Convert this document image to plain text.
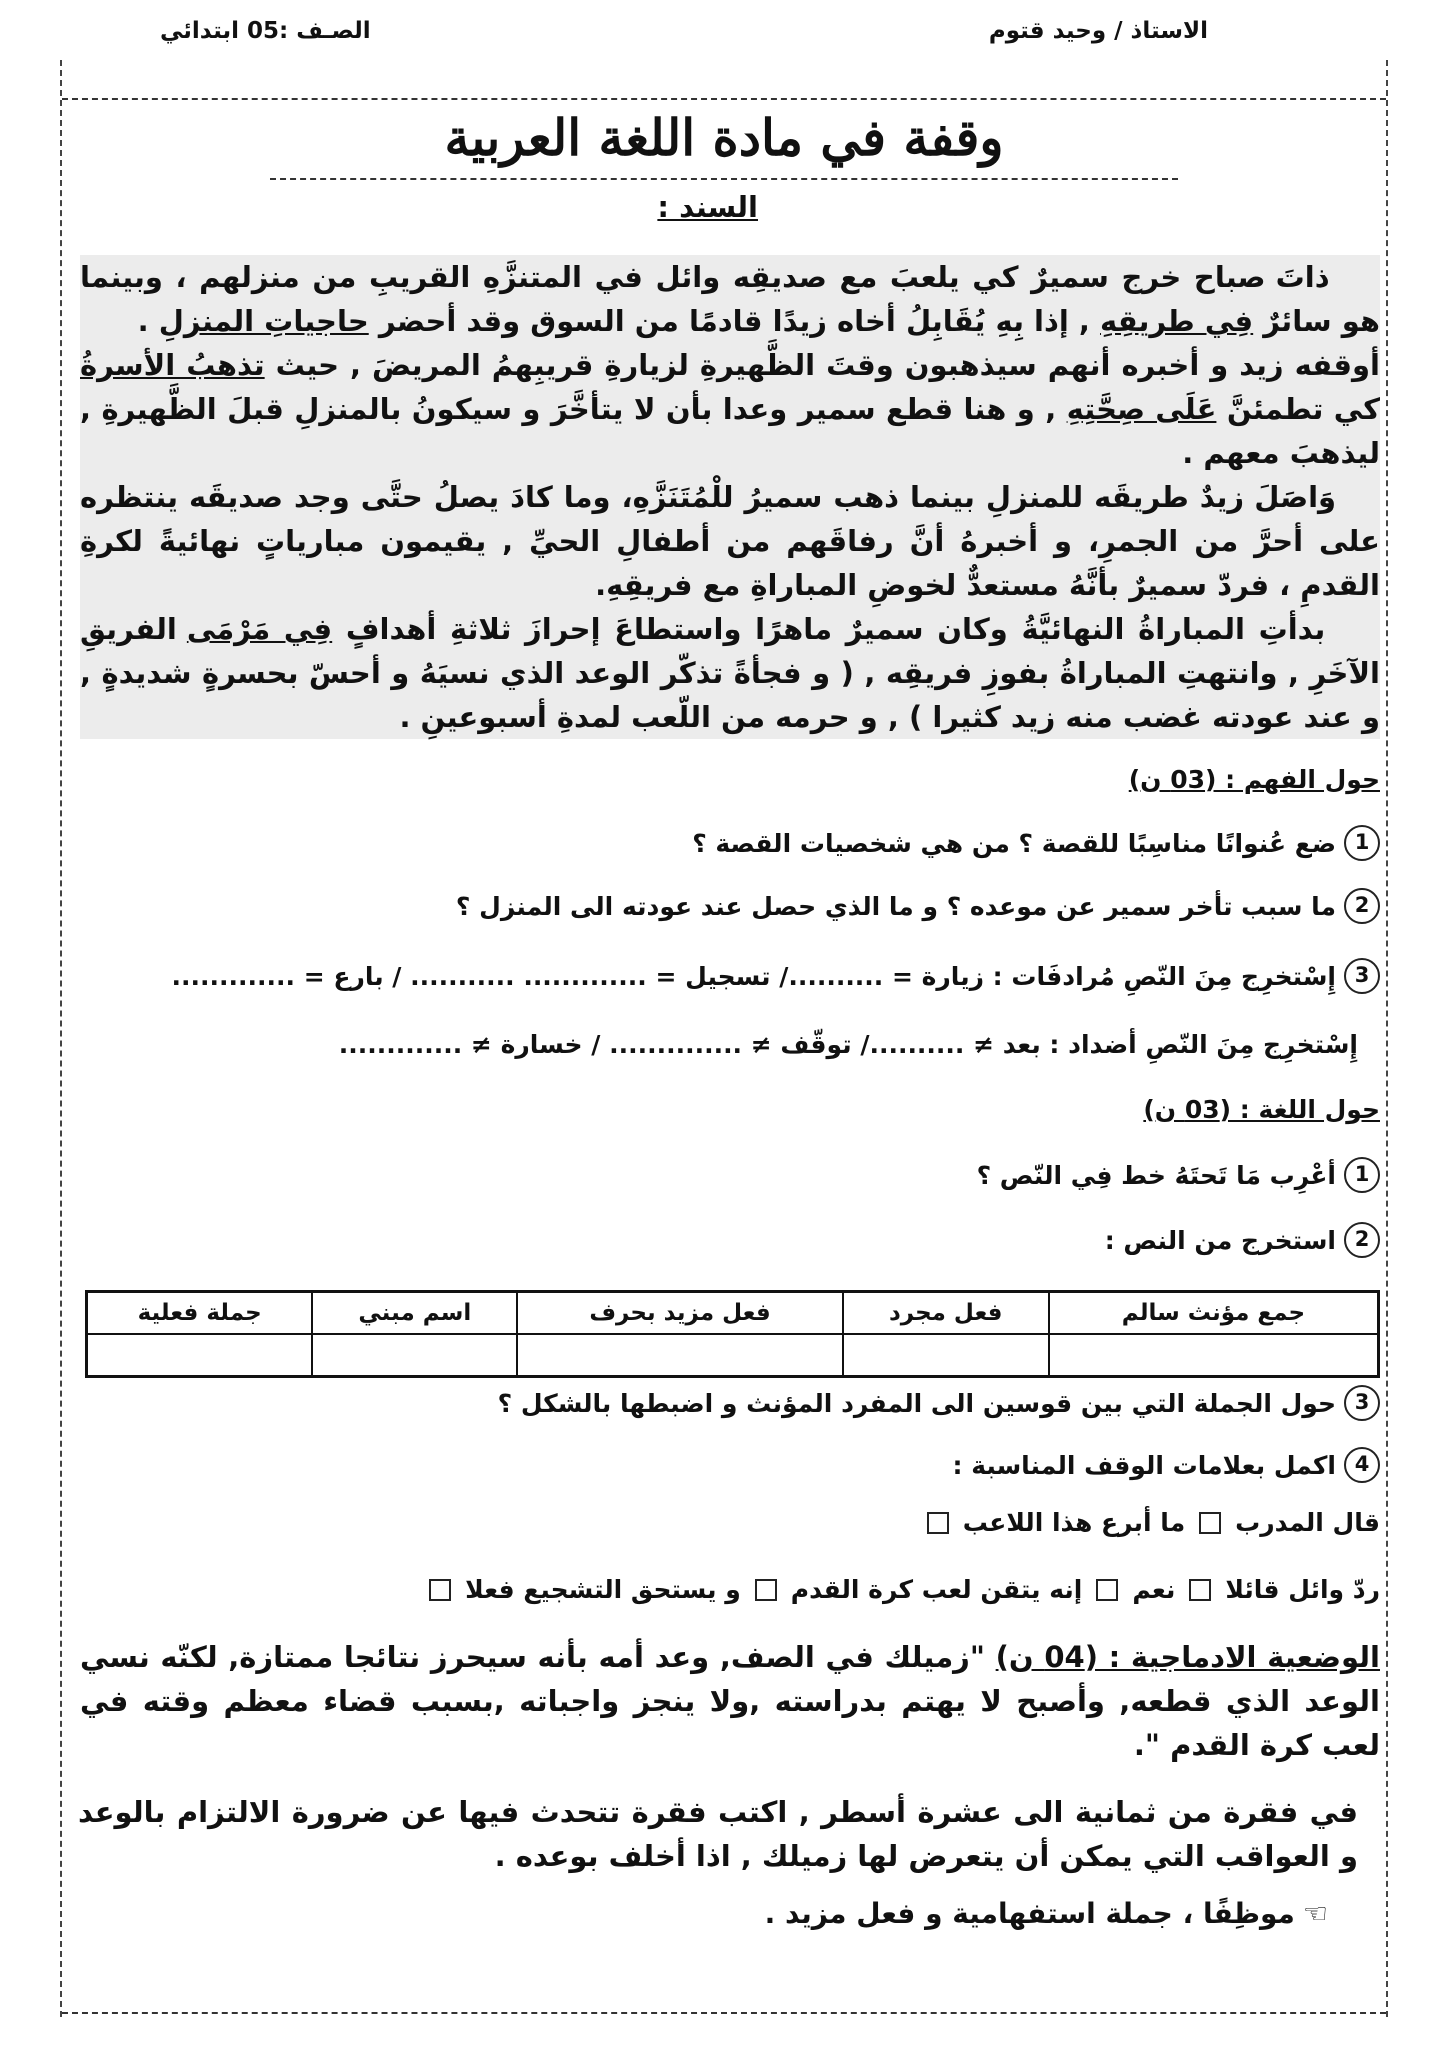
الاستاذ / وحيد قتوم
الصـف :05 ابتدائي
وقفة في مادة اللغة العربية
السند :

ذاتَ صباح خرج سميرٌ كي يلعبَ مع صديقِه وائل في المتنزَّهِ القريبِ من منزلهم ، وبينما هو سائرٌ فِي طريقِهِ , إذا بِهِ يُقَابِلُ أخاه زيدًا قادمًا من السوق وقد أحضر حاجياتِ المنزلِ .

أوقفه زيد و أخبره أنهم سيذهبون وقتَ الظَّهيرةِ لزيارةِ قريبِهمُ المريضَ , حيث تذهبُ الأسرةُ كي تطمئنَّ عَلَى صِحَّتِهِ , و هنا قطع سمير وعدا بأن لا يتأخَّرَ و سيكونُ بالمنزلِ قبلَ الظَّهيرةِ , ليذهبَ معهم .

وَاصَلَ زيدٌ طريقَه للمنزلِ بينما ذهب سميرُ للْمُتَنَزَّهِ، وما كادَ يصلُ حتَّى وجد صديقَه ينتظره على أحرَّ من الجمرِ، و أخبرهُ أنَّ رفاقَهم من أطفالِ الحيِّ , يقيمون مبارياتٍ نهائيةً لكرةِ القدمِ ، فردّ سميرٌ بأنَّهُ مستعدٌّ لخوضِ المباراةِ مع فريقِهِ.

بدأتِ المباراةُ النهائيَّةُ وكان سميرٌ ماهرًا واستطاعَ إحرازَ ثلاثةِ أهدافٍ فِي مَرْمَى الفريقِ الآخَرِ , وانتهتِ المباراةُ بفوزِ فريقِه , ( و فجأةً تذكّر الوعد الذي نسيَهُ و أحسّ بحسرةٍ شديدةٍ , و عند عودته غضب منه زيد كثيرا ) , و حرمه من اللّعب لمدةِ أسبوعينِ .

حول الفهم : (03 ن)
1
ضع عُنوانًا مناسِبًا للقصة ؟ من هي شخصيات القصة ؟
2
ما سبب تأخر سمير عن موعده ؟ و ما الذي حصل عند عودته الى المنزل ؟
3
إِسْتخرِج مِنَ النّصِ مُرادفَات : زيارة = ........../ تسجيل = ............. ........... / بارع = .............
إِسْتخرِج مِنَ النّصِ أضداد : بعد ≠ ........../ توقّف ≠ .............. / خسارة ≠ .............
حول اللغة : (03 ن)
1
أعْرِب مَا تَحتَهُ خط فِي النّص ؟
2
استخرج من النص :
جمع مؤنث سالم	فعل مجرد	فعل مزيد بحرف	اسم مبني	جملة فعلية

3
حول الجملة التي بين قوسين الى المفرد المؤنث و اضبطها بالشكل ؟
4
اكمل بعلامات الوقف المناسبة :
قال المدرب
ما أبرع هذا اللاعب
ردّ وائل قائلا
نعم
إنه يتقن لعب كرة القدم
و يستحق التشجيع فعلا

الوضعية الادماجية : (04 ن) "زميلك في الصف, وعد أمه بأنه سيحرز نتائجا ممتازة, لكنّه نسي الوعد الذي قطعه, وأصبح لا يهتم بدراسته ,ولا ينجز واجباته ,بسبب قضاء معظم وقته في لعب كرة القدم ".

في فقرة من ثمانية الى عشرة أسطر , اكتب فقرة تتحدث فيها عن ضرورة الالتزام بالوعد و العواقب التي يمكن أن يتعرض لها زميلك , اذا أخلف بوعده .

☜
موظِفًا ، جملة استفهامية و فعل مزيد .
